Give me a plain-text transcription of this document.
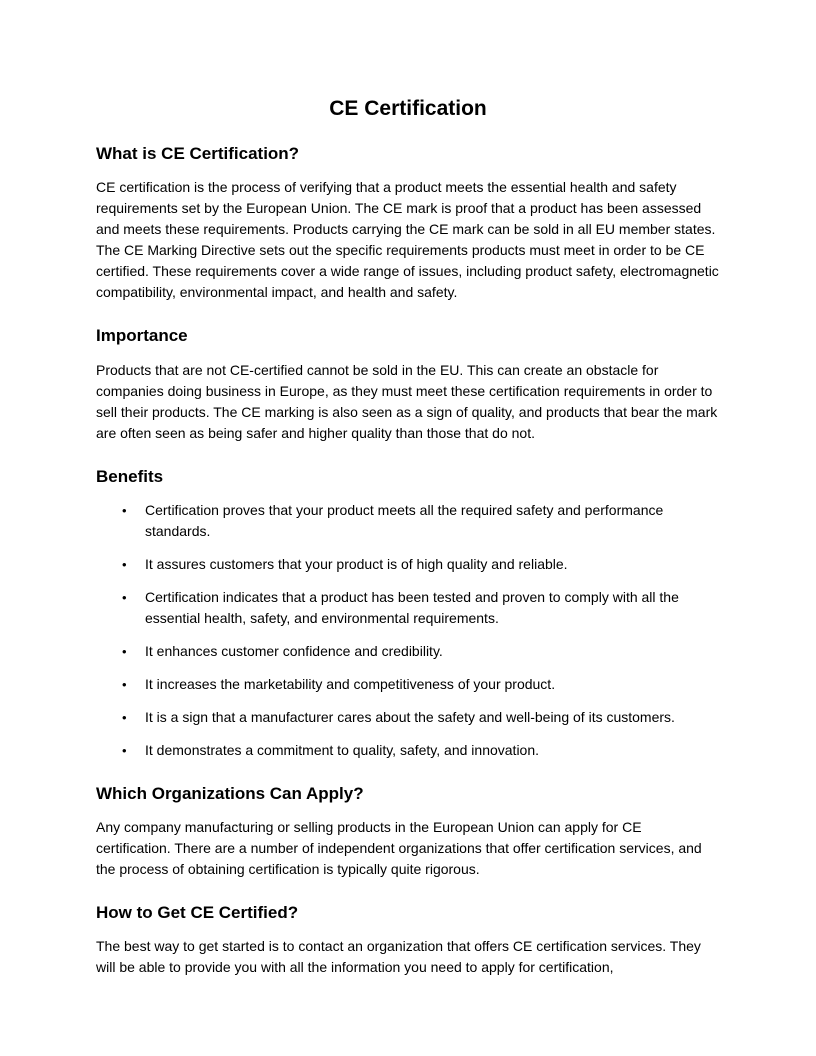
CE Certification
What is CE Certification?

CE certification is the process of verifying that a product meets the essential health and safety requirements set by the European Union. The CE mark is proof that a product has been assessed and meets these requirements. Products carrying the CE mark can be sold in all EU member states. The CE Marking Directive sets out the specific requirements products must meet in order to be CE certified. These requirements cover a wide range of issues, including product safety, electromagnetic compatibility, environmental impact, and health and safety.

Importance

Products that are not CE-certified cannot be sold in the EU. This can create an obstacle for companies doing business in Europe, as they must meet these certification requirements in order to sell their products. The CE marking is also seen as a sign of quality, and products that bear the mark are often seen as being safer and higher quality than those that do not.

Benefits
• Certification proves that your product meets all the required safety and performance standards.
• It assures customers that your product is of high quality and reliable.
• Certification indicates that a product has been tested and proven to comply with all the essential health, safety, and environmental requirements.
• It enhances customer confidence and credibility.
• It increases the marketability and competitiveness of your product.
• It is a sign that a manufacturer cares about the safety and well-being of its customers.
• It demonstrates a commitment to quality, safety, and innovation.
Which Organizations Can Apply?

Any company manufacturing or selling products in the European Union can apply for CE certification. There are a number of independent organizations that offer certification services, and the process of obtaining certification is typically quite rigorous.

How to Get CE Certified?

The best way to get started is to contact an organization that offers CE certification services. They will be able to provide you with all the information you need to apply for certification,
